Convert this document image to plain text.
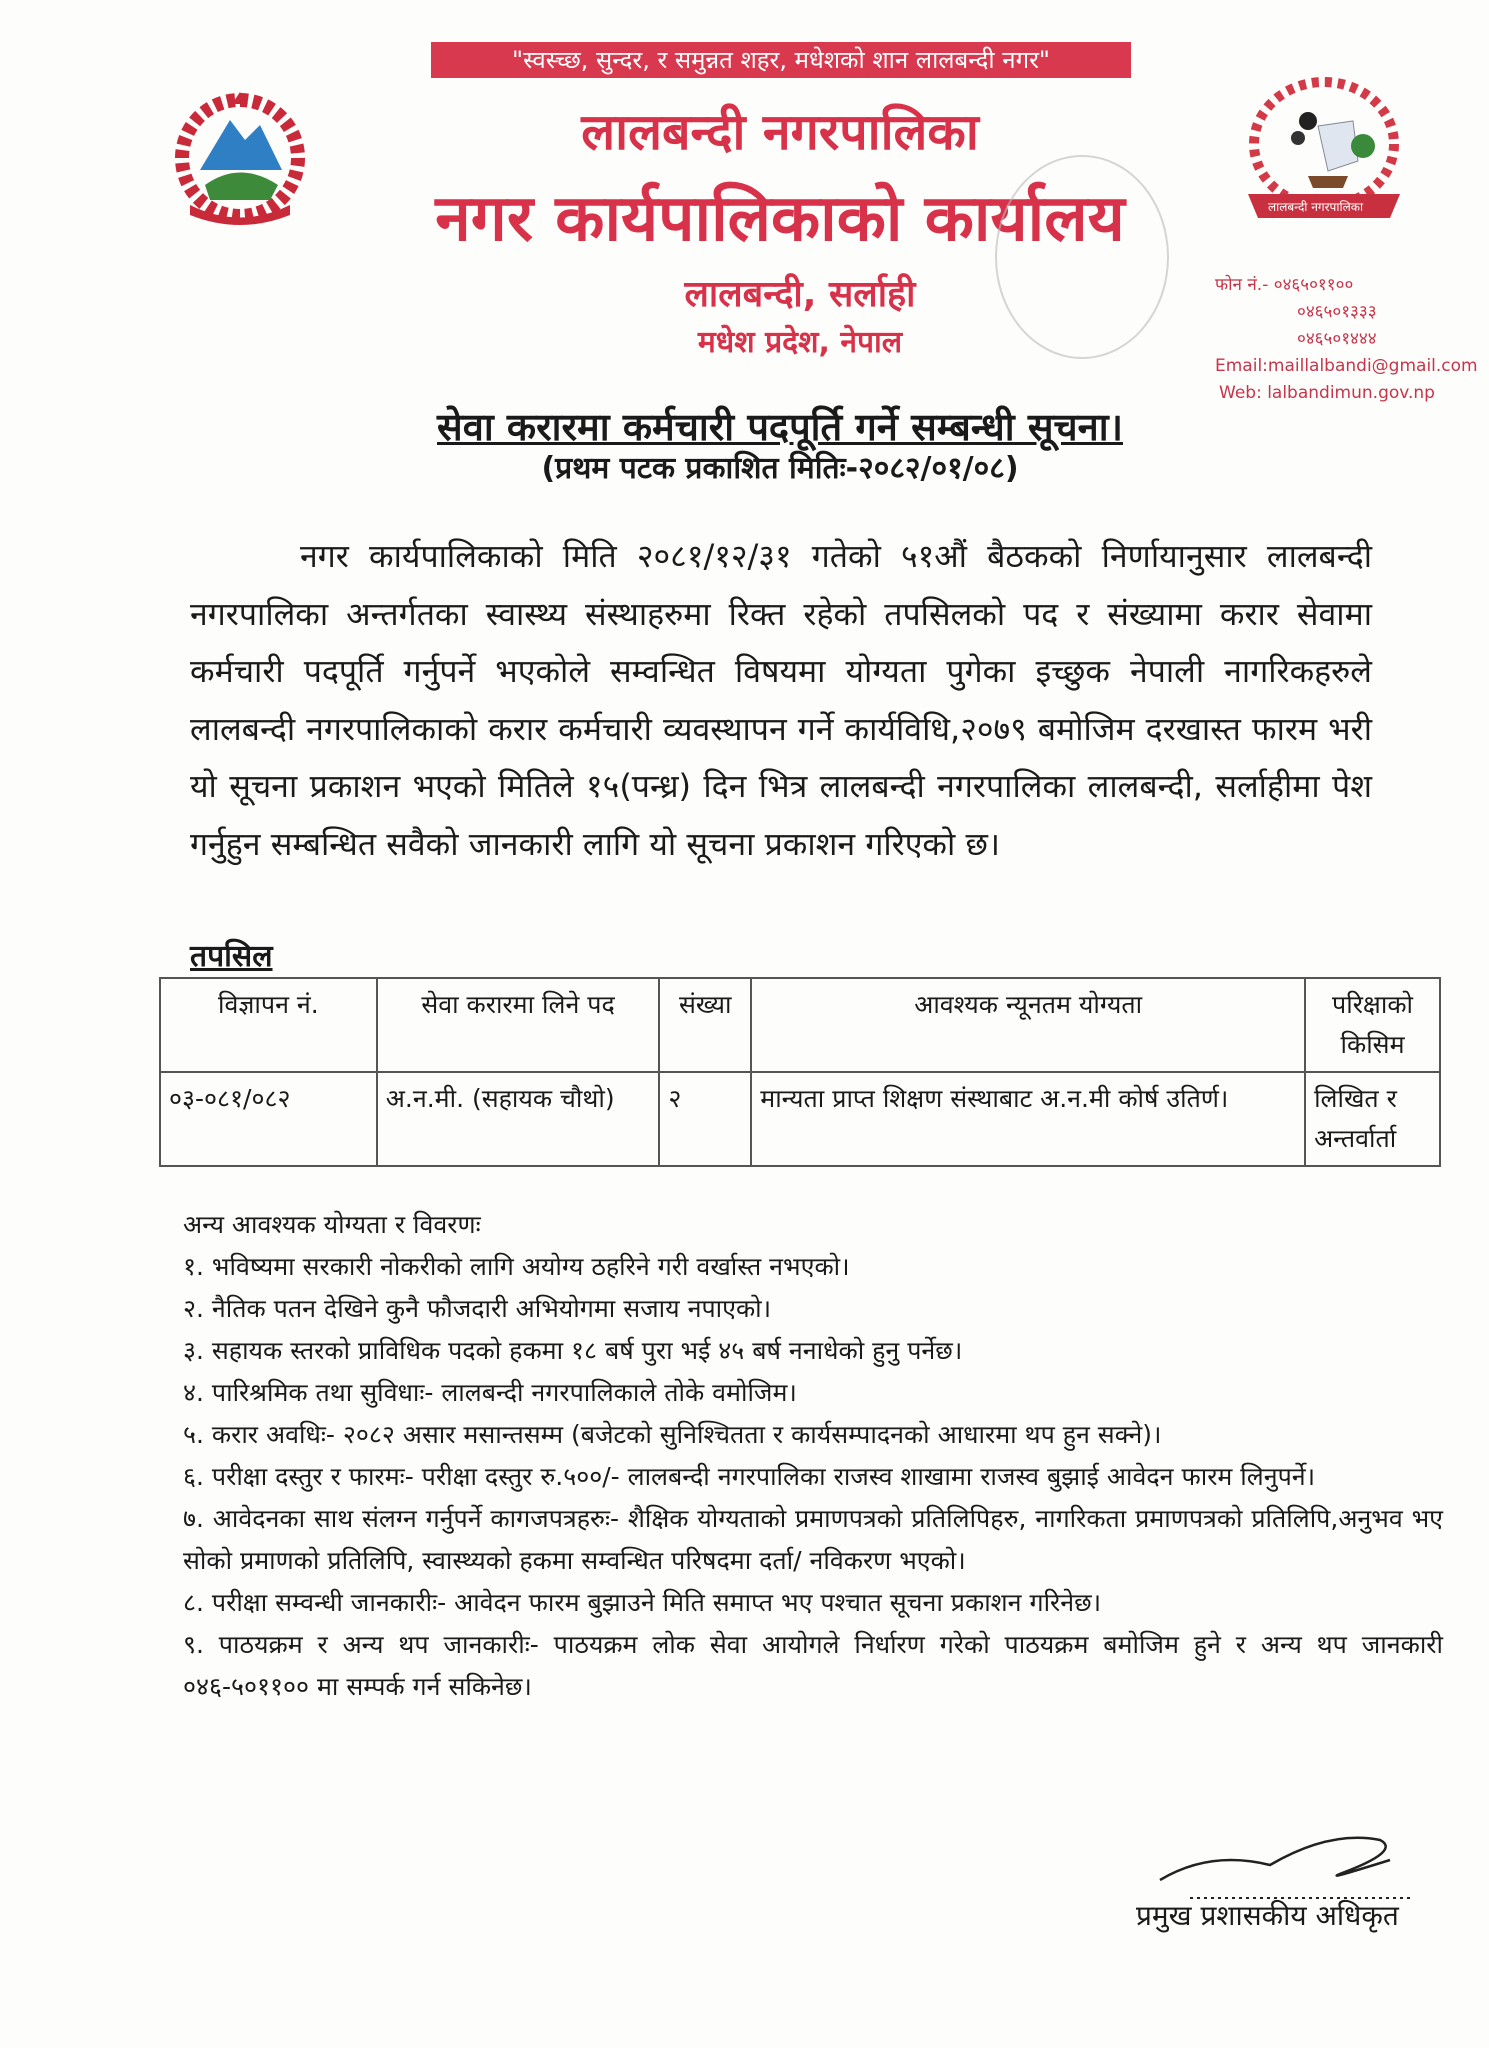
"स्वस्च्छ, सुन्दर, र समुन्नत शहर, मधेशको शान लालबन्दी नगर"
लालबन्दी नगरपालिका
नगर कार्यपालिकाको कार्यालय
लालबन्दी, सर्लाही
मधेश प्रदेश, नेपाल
लालबन्दी नगरपालिका
फोन नं.- ०४६५०११००
०४६५०१३३३
०४६५०१४४४
Email:maillalbandi@gmail.com
Web: lalbandimun.gov.np
सेवा करारमा कर्मचारी पदपूर्ति गर्ने सम्बन्धी सूचना।
(प्रथम पटक प्रकाशित मितिः-२०८२/०१/०८)
नगर कार्यपालिकाको मिति २०८१/१२/३१ गतेको ५१औं बैठकको निर्णायानुसार लालबन्दी नगरपालिका अन्तर्गतका स्वास्थ्य संस्थाहरुमा रिक्त रहेको तपसिलको पद र संख्यामा करार सेवामा कर्मचारी पदपूर्ति गर्नुपर्ने भएकोले सम्वन्धित विषयमा योग्यता पुगेका इच्छुक नेपाली नागरिकहरुले लालबन्दी नगरपालिकाको करार कर्मचारी व्यवस्थापन गर्ने कार्यविधि,२०७९ बमोजिम दरखास्त फारम भरी यो सूचना प्रकाशन भएको मितिले १५(पन्ध्र) दिन भित्र लालबन्दी नगरपालिका लालबन्दी, सर्लाहीमा पेश गर्नुहुन सम्बन्धित सवैको जानकारी लागि यो सूचना प्रकाशन गरिएको छ।
तपसिल
विज्ञापन नं.	सेवा करारमा लिने पद	संख्या	आवश्यक न्यूनतम योग्यता	परिक्षाको किसिम
०३-०८१/०८२	अ.न.मी. (सहायक चौथो)	२	मान्यता प्राप्त शिक्षण संस्थाबाट अ.न.मी कोर्ष उतिर्ण।	लिखित र अन्तर्वार्ता
अन्य आवश्यक योग्यता र विवरणः
१. भविष्यमा सरकारी नोकरीको लागि अयोग्य ठहरिने गरी वर्खास्त नभएको।
२. नैतिक पतन देखिने कुनै फौजदारी अभियोगमा सजाय नपाएको।
३. सहायक स्तरको प्राविधिक पदको हकमा १८ बर्ष पुरा भई ४५ बर्ष ननाधेको हुनु पर्नेछ।
४. पारिश्रमिक तथा सुविधाः- लालबन्दी नगरपालिकाले तोके वमोजिम।
५. करार अवधिः- २०८२ असार मसान्तसम्म (बजेटको सुनिश्चितता र कार्यसम्पादनको आधारमा थप हुन सक्ने)।
६. परीक्षा दस्तुर र फारमः- परीक्षा दस्तुर रु.५००/- लालबन्दी नगरपालिका राजस्व शाखामा राजस्व बुझाई आवेदन फारम लिनुपर्ने।
७. आवेदनका साथ संलग्न गर्नुपर्ने कागजपत्रहरुः- शैक्षिक योग्यताको प्रमाणपत्रको प्रतिलिपिहरु, नागरिकता प्रमाणपत्रको प्रतिलिपि,अनुभव भए सोको प्रमाणको प्रतिलिपि, स्वास्थ्यको हकमा सम्वन्धित परिषदमा दर्ता/ नविकरण भएको।
८. परीक्षा सम्वन्धी जानकारीः- आवेदन फारम बुझाउने मिति समाप्त भए पश्चात सूचना प्रकाशन गरिनेछ।
९. पाठयक्रम र अन्य थप जानकारीः- पाठयक्रम लोक सेवा आयोगले निर्धारण गरेको पाठयक्रम बमोजिम हुने र अन्य थप जानकारी ०४६-५०११०० मा सम्पर्क गर्न सकिनेछ।
प्रमुख प्रशासकीय अधिकृत
